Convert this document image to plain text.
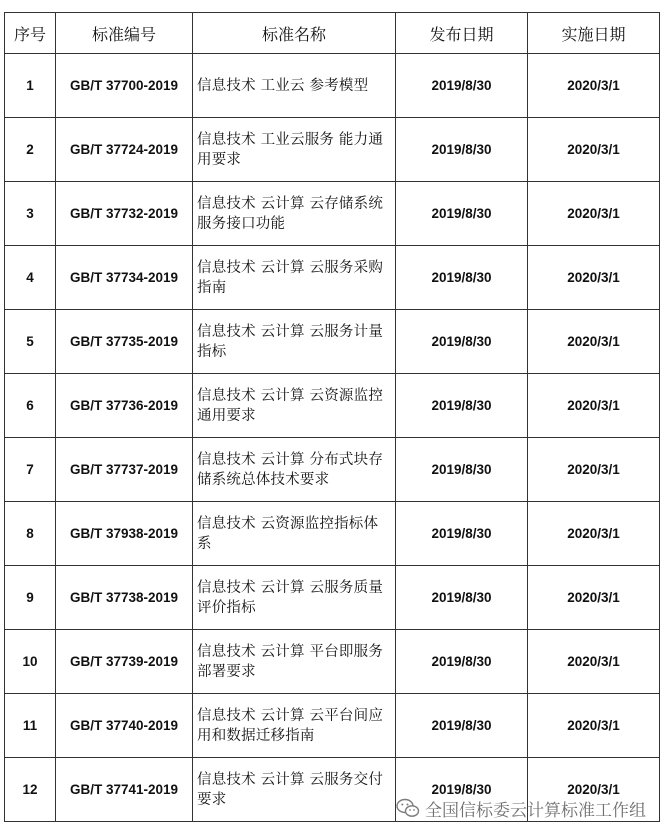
序号	标准编号	标准名称	发布日期	实施日期
1	GB/T 37700-2019	信息技术 工业云 参考模型	2019/8/30	2020/3/1
2	GB/T 37724-2019	信息技术 工业云服务 能力通用要求	2019/8/30	2020/3/1
3	GB/T 37732-2019	信息技术 云计算 云存储系统服务接口功能	2019/8/30	2020/3/1
4	GB/T 37734-2019	信息技术 云计算 云服务采购指南	2019/8/30	2020/3/1
5	GB/T 37735-2019	信息技术 云计算 云服务计量指标	2019/8/30	2020/3/1
6	GB/T 37736-2019	信息技术 云计算 云资源监控通用要求	2019/8/30	2020/3/1
7	GB/T 37737-2019	信息技术 云计算 分布式块存储系统总体技术要求	2019/8/30	2020/3/1
8	GB/T 37938-2019	信息技术 云资源监控指标体系	2019/8/30	2020/3/1
9	GB/T 37738-2019	信息技术 云计算 云服务质量评价指标	2019/8/30	2020/3/1
10	GB/T 37739-2019	信息技术 云计算 平台即服务部署要求	2019/8/30	2020/3/1
11	GB/T 37740-2019	信息技术 云计算 云平台间应用和数据迁移指南	2019/8/30	2020/3/1
12	GB/T 37741-2019	信息技术 云计算 云服务交付要求	2019/8/30	2020/3/1
全国信标委云计算标准工作组
